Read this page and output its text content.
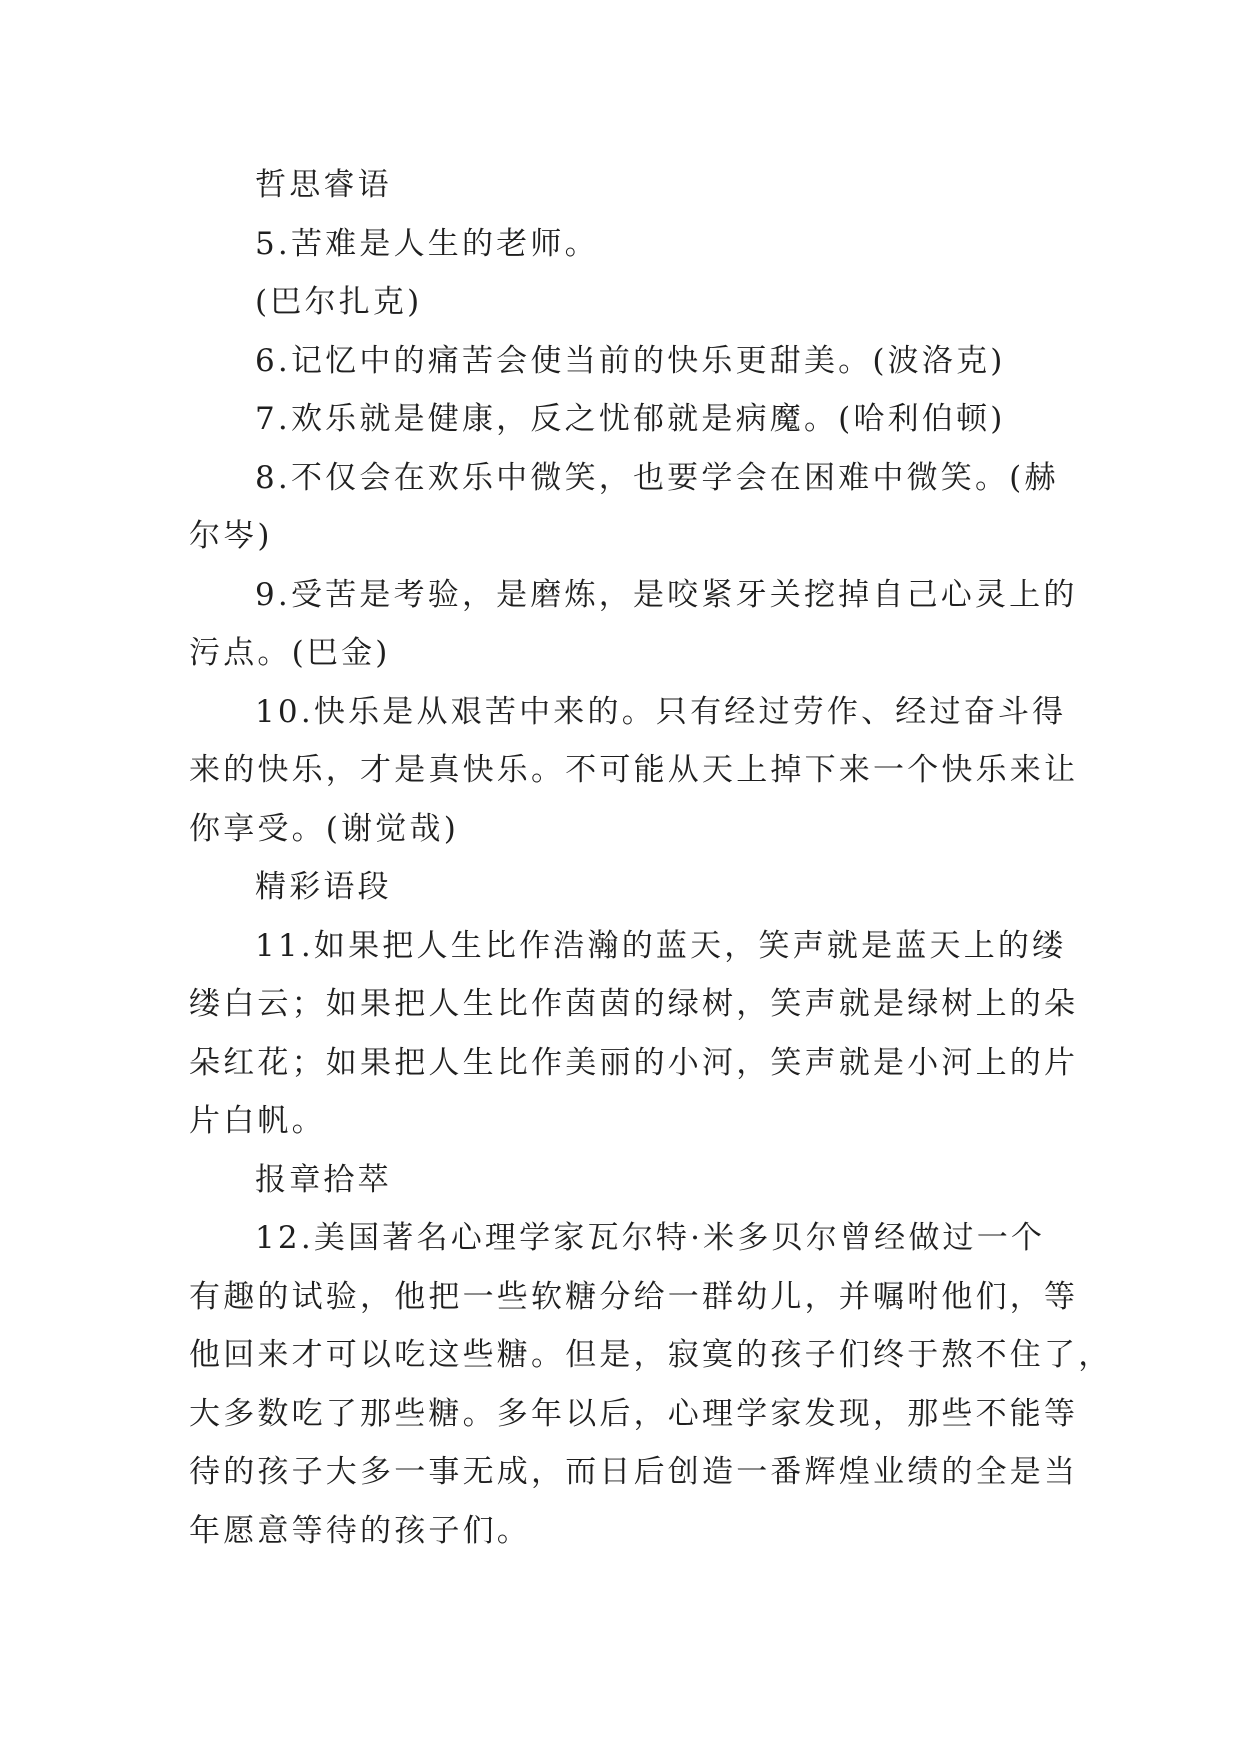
哲思睿语
5.苦难是人生的老师。
(巴尔扎克)
6.记忆中的痛苦会使当前的快乐更甜美。(波洛克)
7.欢乐就是健康，反之忧郁就是病魔。(哈利伯顿)
8.不仅会在欢乐中微笑，也要学会在困难中微笑。(赫
尔岑)
9.受苦是考验，是磨炼，是咬紧牙关挖掉自己心灵上的
污点。(巴金)
10.快乐是从艰苦中来的。只有经过劳作、经过奋斗得
来的快乐，才是真快乐。不可能从天上掉下来一个快乐来让
你享受。(谢觉哉)
精彩语段
11.如果把人生比作浩瀚的蓝天，笑声就是蓝天上的缕
缕白云；如果把人生比作茵茵的绿树，笑声就是绿树上的朵
朵红花；如果把人生比作美丽的小河，笑声就是小河上的片
片白帆。
报章拾萃
12.美国著名心理学家瓦尔特·米多贝尔曾经做过一个
有趣的试验，他把一些软糖分给一群幼儿，并嘱咐他们，等
他回来才可以吃这些糖。但是，寂寞的孩子们终于熬不住了，
大多数吃了那些糖。多年以后，心理学家发现，那些不能等
待的孩子大多一事无成，而日后创造一番辉煌业绩的全是当
年愿意等待的孩子们。
